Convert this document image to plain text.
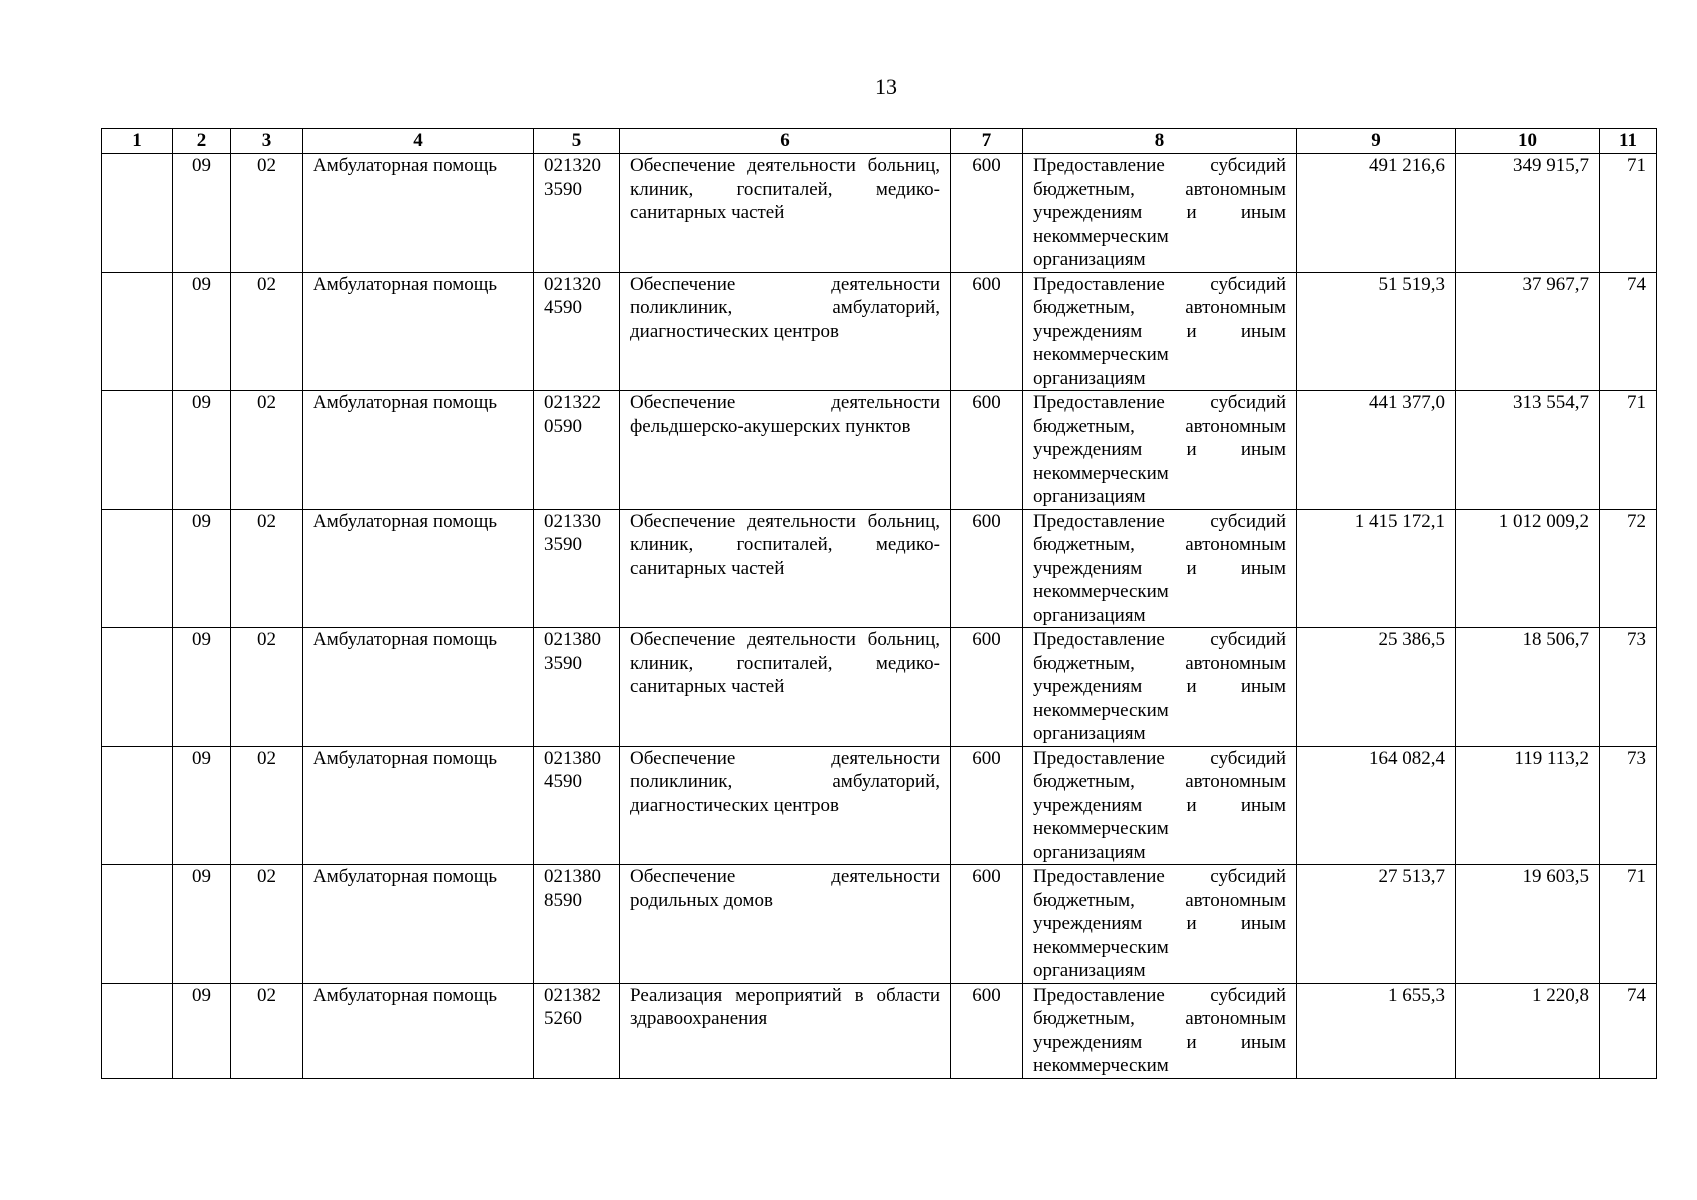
13
1	2	3	4	5	6	7	8	9	10	11
	09	02	Амбулаторная помощь	0213203590	Обеспечение деятельности больниц, клиник, госпиталей, медико-санитарных частей	600	Предоставление субсидий
бюджетным, автономным
учреждениям и иным
некоммерческим
организациям	491 216,6	349 915,7	71
	09	02	Амбулаторная помощь	0213204590	Обеспечение деятельности поликлиник, амбулаторий, диагностических центров	600	Предоставление субсидий
бюджетным, автономным
учреждениям и иным
некоммерческим
организациям	51 519,3	37 967,7	74
	09	02	Амбулаторная помощь	0213220590	Обеспечение деятельности фельдшерско-акушерских пунктов	600	Предоставление субсидий
бюджетным, автономным
учреждениям и иным
некоммерческим
организациям	441 377,0	313 554,7	71
	09	02	Амбулаторная помощь	0213303590	Обеспечение деятельности больниц, клиник, госпиталей, медико-санитарных частей	600	Предоставление субсидий
бюджетным, автономным
учреждениям и иным
некоммерческим
организациям	1 415 172,1	1 012 009,2	72
	09	02	Амбулаторная помощь	0213803590	Обеспечение деятельности больниц, клиник, госпиталей, медико-санитарных частей	600	Предоставление субсидий
бюджетным, автономным
учреждениям и иным
некоммерческим
организациям	25 386,5	18 506,7	73
	09	02	Амбулаторная помощь	0213804590	Обеспечение деятельности поликлиник, амбулаторий, диагностических центров	600	Предоставление субсидий
бюджетным, автономным
учреждениям и иным
некоммерческим
организациям	164 082,4	119 113,2	73
	09	02	Амбулаторная помощь	0213808590	Обеспечение деятельности родильных домов	600	Предоставление субсидий
бюджетным, автономным
учреждениям и иным
некоммерческим
организациям	27 513,7	19 603,5	71
	09	02	Амбулаторная помощь	0213825260	Реализация мероприятий в области здравоохранения	600	Предоставление субсидий
бюджетным, автономным
учреждениям и иным
некоммерческим	1 655,3	1 220,8	74
